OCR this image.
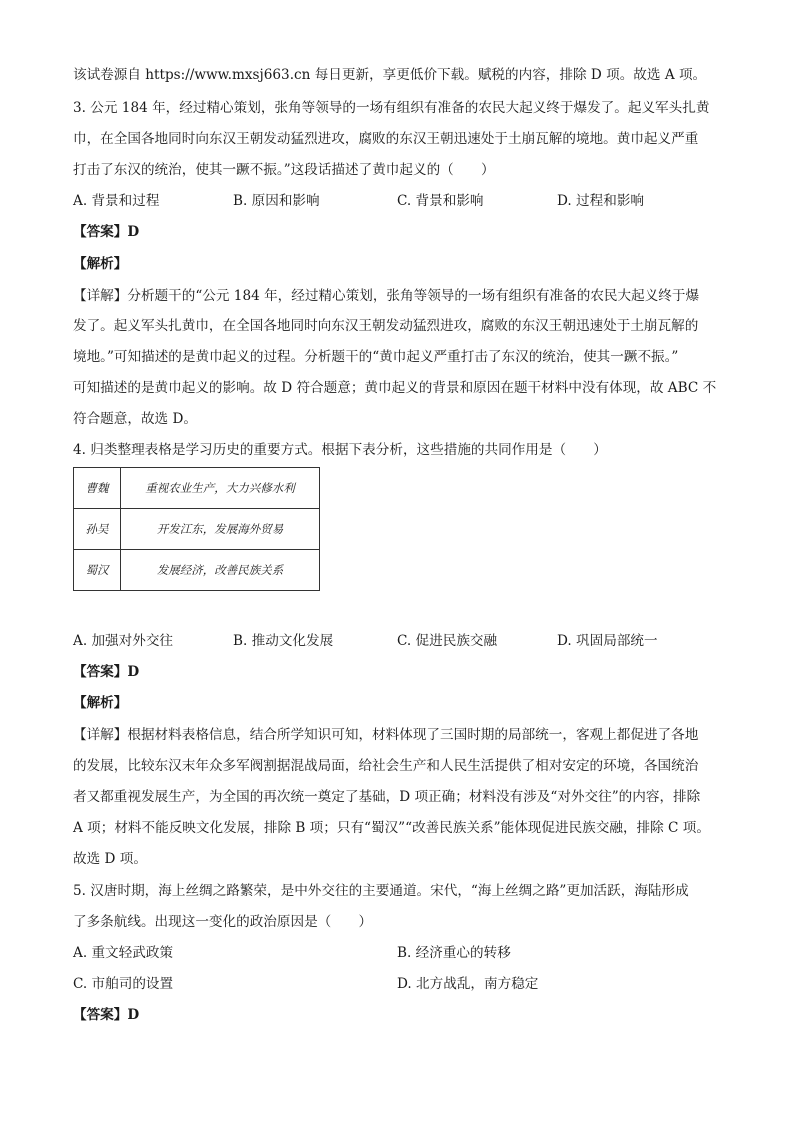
该试卷源自 https://www.mxsj663.cn 每日更新，享更低价下载。赋税的内容，排除 D 项。故选 A 项。
3. 公元 184 年，经过精心策划，张角等领导的一场有组织有准备的农民大起义终于爆发了。起义军头扎黄
巾，在全国各地同时向东汉王朝发动猛烈进攻，腐败的东汉王朝迅速处于土崩瓦解的境地。黄巾起义严重
打击了东汉的统治，使其一蹶不振。”这段话描述了黄巾起义的（　　）
A. 背景和过程	B. 原因和影响	C. 背景和影响	D. 过程和影响
【答案】D
【解析】
【详解】分析题干的“公元 184 年，经过精心策划，张角等领导的一场有组织有准备的农民大起义终于爆
发了。起义军头扎黄巾，在全国各地同时向东汉王朝发动猛烈进攻，腐败的东汉王朝迅速处于土崩瓦解的
境地。”可知描述的是黄巾起义的过程。分析题干的“黄巾起义严重打击了东汉的统治，使其一蹶不振。”
可知描述的是黄巾起义的影响。故 D 符合题意；黄巾起义的背景和原因在题干材料中没有体现，故 ABC 不
符合题意，故选 D。
4. 归类整理表格是学习历史的重要方式。根据下表分析，这些措施的共同作用是（　　）
曹魏	重视农业生产，大力兴修水利
孙吴	开发江东，发展海外贸易
蜀汉	发展经济，改善民族关系
A. 加强对外交往	B. 推动文化发展	C. 促进民族交融	D. 巩固局部统一
【答案】D
【解析】
【详解】根据材料表格信息，结合所学知识可知，材料体现了三国时期的局部统一，客观上都促进了各地
的发展，比较东汉末年众多军阀割据混战局面，给社会生产和人民生活提供了相对安定的环境，各国统治
者又都重视发展生产，为全国的再次统一奠定了基础，D 项正确；材料没有涉及“对外交往”的内容，排除
A 项；材料不能反映文化发展，排除 B 项；只有“蜀汉”“改善民族关系”能体现促进民族交融，排除 C 项。
故选 D 项。
5. 汉唐时期，海上丝绸之路繁荣，是中外交往的主要通道。宋代，“海上丝绸之路”更加活跃，海陆形成
了多条航线。出现这一变化的政治原因是（　　）
A. 重文轻武政策	B. 经济重心的转移
C. 市舶司的设置	D. 北方战乱，南方稳定
【答案】D
